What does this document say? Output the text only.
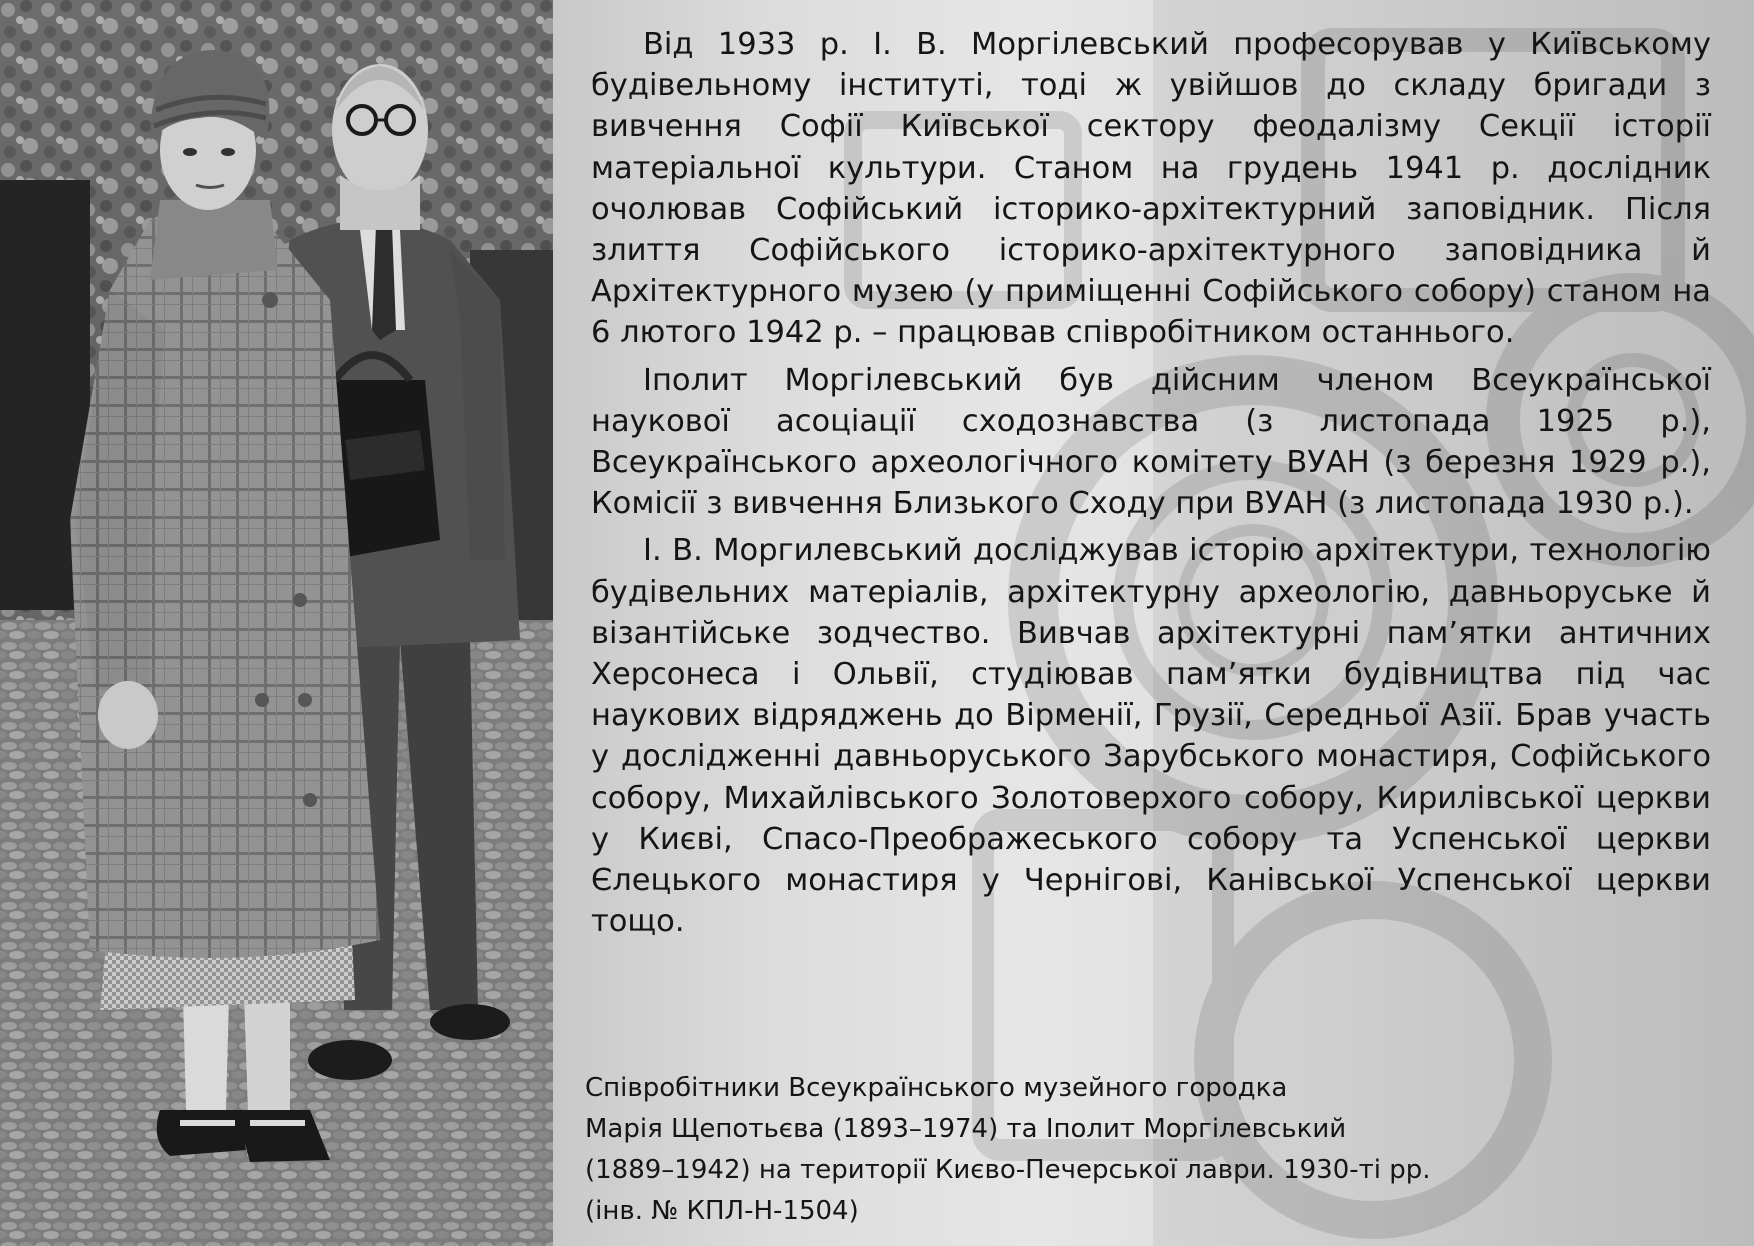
Від 1933 р. І. В. Моргілевський професорував у Київському будівельному інституті, тоді ж увійшов до складу бригади з вивчення Софії Київської сектору феодалізму Секції історії матеріальної культури. Станом на грудень 1941 р. дослідник очолював Софійський історико-архітектурний заповідник. Після злиття Софійського історико-архітектурного заповідника й Архітектурного музею (у приміщенні Софійського собору) станом на 6 лютого 1942 р. – працював співробітником останнього.

Іполит Моргілевський був дійсним членом Всеукраїнської наукової асоціації сходознавства (з листопада 1925 р.), Всеукраїнського археологічного комітету ВУАН (з березня 1929 р.), Комісії з вивчення Близького Сходу при ВУАН (з листопада 1930 р.).

І. В. Моргилевський досліджував історію архітектури, технологію будівельних матеріалів, архітектурну археологію, давньоруське й візантійське зодчество. Вивчав архітектурні пам’ятки античних Херсонеса і Ольвії, студіював пам’ятки будівництва під час наукових відряджень до Вірменії, Грузії, Середньої Азії. Брав участь у дослідженні давньоруського Зарубського монастиря, Софійського собору, Михайлівського Золотоверхого собору, Кирилівської церкви у Києві, Спасо-Преображеського собору та Успенської церкви Єлецького монастиря у Чернігові, Канівської Успенської церкви тощо.

Співробітники Всеукраїнського музейного городка
Марія Щепотьєва (1893–1974) та Іполит Моргілевський
(1889–1942) на території Києво-Печерської лаври. 1930-ті рр.
(інв. № КПЛ-Н-1504)
